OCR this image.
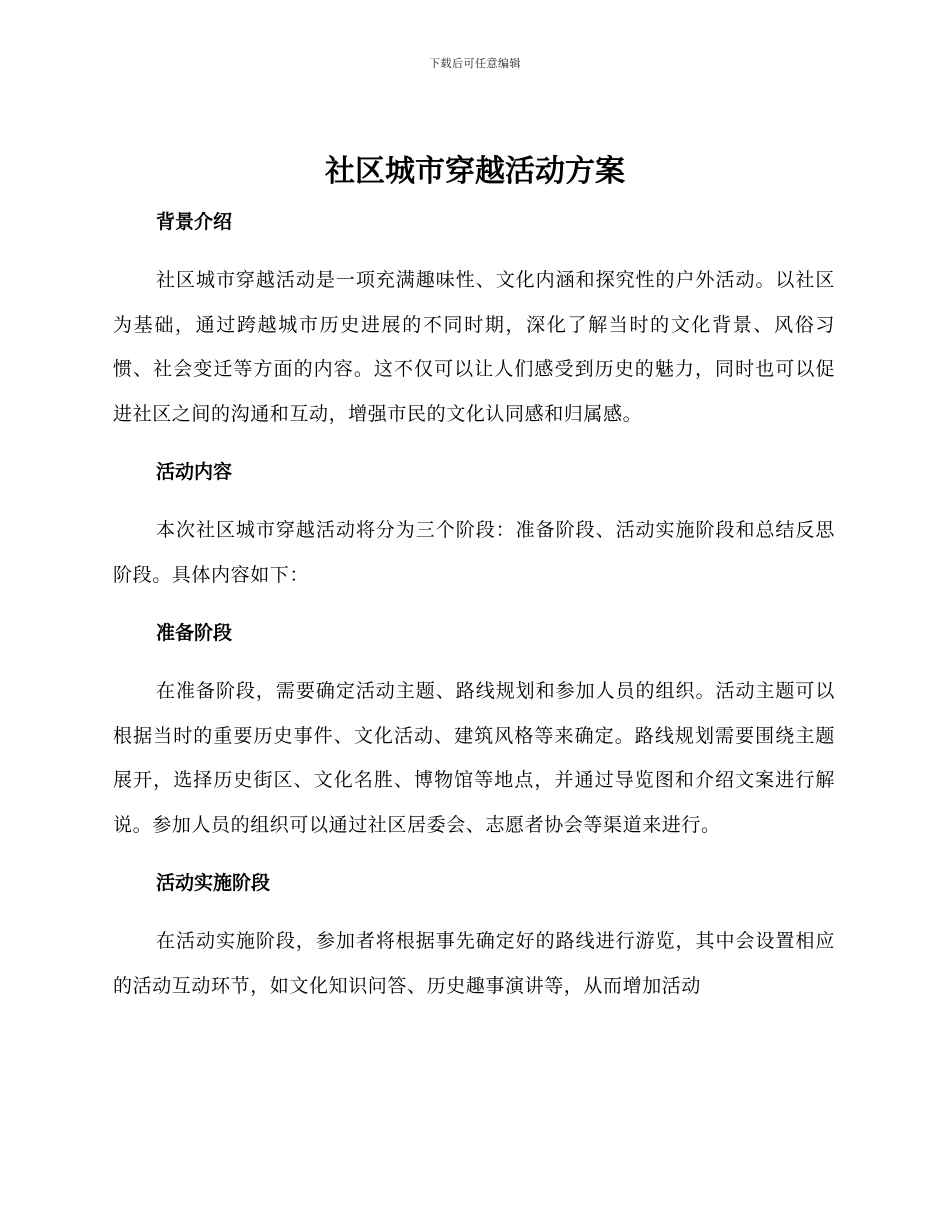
下载后可任意编辑
社区城市穿越活动方案
背景介绍

社区城市穿越活动是一项充满趣味性、文化内涵和探究性的户外活动。以社区为基础，通过跨越城市历史进展的不同时期，深化了解当时的文化背景、风俗习惯、社会变迁等方面的内容。这不仅可以让人们感受到历史的魅力，同时也可以促进社区之间的沟通和互动，增强市民的文化认同感和归属感。

活动内容

本次社区城市穿越活动将分为三个阶段：准备阶段、活动实施阶段和总结反思阶段。具体内容如下：

准备阶段

在准备阶段，需要确定活动主题、路线规划和参加人员的组织。活动主题可以根据当时的重要历史事件、文化活动、建筑风格等来确定。路线规划需要围绕主题展开，选择历史街区、文化名胜、博物馆等地点，并通过导览图和介绍文案进行解说。参加人员的组织可以通过社区居委会、志愿者协会等渠道来进行。

活动实施阶段

在活动实施阶段，参加者将根据事先确定好的路线进行游览，其中会设置相应的活动互动环节，如文化知识问答、历史趣事演讲等，从而增加活动
